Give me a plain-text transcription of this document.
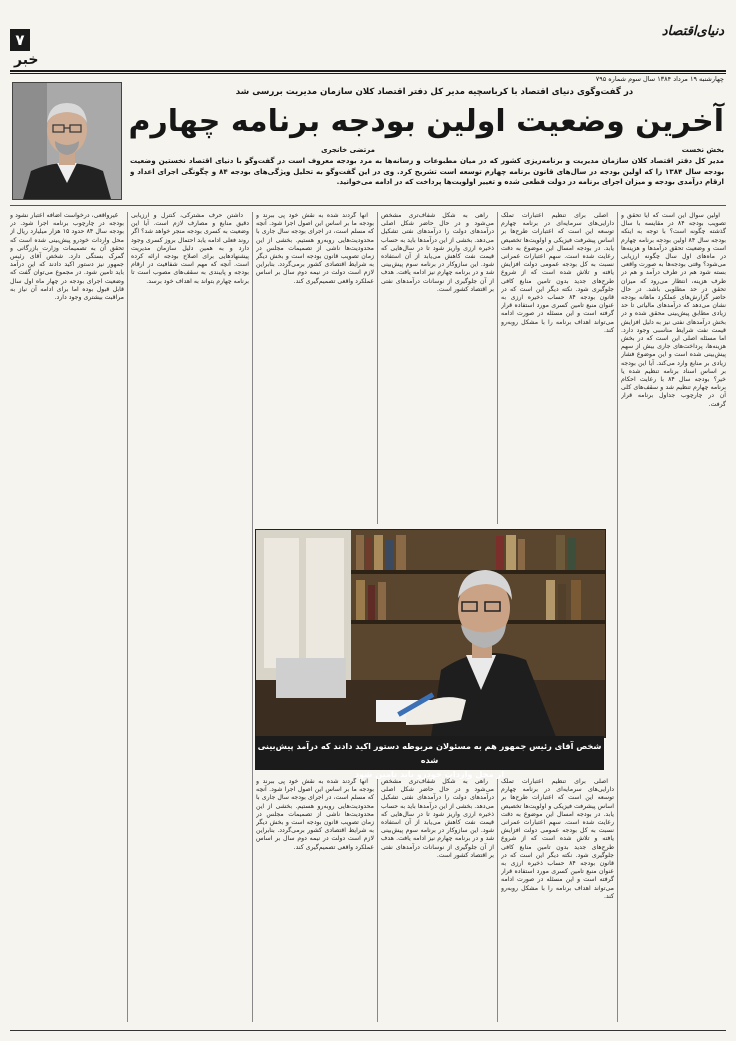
۷	دنیای‌اقتصاد
خبر
چهارشنبه ۱۹ مرداد ۱۳۸۴ سال سوم شماره ۷۹۵
در گفت‌وگوی دنیای اقتصاد با کرباسچیه مدیر کل دفتر اقتصاد کلان سازمان مدیریت بررسی شد
آخرین وضعیت اولین بودجه برنامه چهارم
بخش نخست
مرتضی خانجری
مدیر کل دفتر اقتصاد کلان سازمان مدیریت و برنامه‌ریزی کشور که در میان مطبوعات و رسانه‌ها به مرد بودجه معروف است در گفت‌وگو با دنیای اقتصاد نخستین وضعیت بودجه سال ۱۳۸۴ را که اولین بودجه در سال‌های قانون برنامه چهارم توسعه است تشریح کرد. وی در این گفت‌وگو به تحلیل ویژگی‌های بودجه ۸۴ و چگونگی اجرای اعداد و ارقام درآمدی بودجه و میزان اجرای برنامه در دولت قطعی شده و تغییر اولویت‌ها پرداخت که در ادامه می‌خوانید.

اولین سوال این است که آیا تحقق و تصویب بودجه ۸۴ در مقایسه با سال گذشته چگونه است؟ با توجه به اینکه بودجه سال ۸۴ اولین بودجه برنامه چهارم است و وضعیت تحقق درآمدها و هزینه‌ها در ماه‌های اول سال چگونه ارزیابی می‌شود؟ وقتی بودجه‌ها به صورت واقعی بسته شود هم در طرف درآمد و هم در طرف هزینه، انتظار می‌رود که میزان تحقق در حد مطلوبی باشد. در حال حاضر گزارش‌های عملکرد ماهانه بودجه نشان می‌دهد که درآمدهای مالیاتی تا حد زیادی مطابق پیش‌بینی محقق شده و در بخش درآمدهای نفتی نیز به دلیل افزایش قیمت نفت شرایط مناسبی وجود دارد. اما مسئله اصلی این است که در بخش هزینه‌ها، پرداخت‌های جاری بیش از سهم پیش‌بینی شده است و این موضوع فشار زیادی بر منابع وارد می‌کند. آیا این بودجه بر اساس اسناد برنامه تنظیم شده یا خیر؟ بودجه سال ۸۴ با رعایت احکام برنامه چهارم تنظیم شد و سقف‌های کلی آن در چارچوب جداول برنامه قرار گرفت.

اصلی برای تنظیم اعتبارات تملک دارایی‌های سرمایه‌ای در برنامه چهارم توسعه این است که اعتبارات طرح‌ها بر اساس پیشرفت فیزیکی و اولویت‌ها تخصیص یابد. در بودجه امسال این موضوع به دقت رعایت شده است. سهم اعتبارات عمرانی نسبت به کل بودجه عمومی دولت افزایش یافته و تلاش شده است که از شروع طرح‌های جدید بدون تامین منابع کافی جلوگیری شود. نکته دیگر این است که در قانون بودجه ۸۴ حساب ذخیره ارزی به عنوان منبع تامین کسری مورد استفاده قرار گرفته است و این مسئله در صورت ادامه می‌تواند اهداف برنامه را با مشکل روبه‌رو کند.

راهی به شکل شفاف‌تری مشخص می‌شود و در حال حاضر شکل اصلی درآمدهای دولت را درآمدهای نفتی تشکیل می‌دهد. بخشی از این درآمدها باید به حساب ذخیره ارزی واریز شود تا در سال‌هایی که قیمت نفت کاهش می‌یابد از آن استفاده شود. این سازوکار در برنامه سوم پیش‌بینی شد و در برنامه چهارم نیز ادامه یافت. هدف از آن جلوگیری از نوسانات درآمدهای نفتی بر اقتصاد کشور است.

آنها گردند شده به نقش خود پی ببرند و بودجه ما بر اساس این اصول اجرا شود. آنچه که مسلم است، در اجرای بودجه سال جاری با محدودیت‌هایی روبه‌رو هستیم. بخشی از این محدودیت‌ها ناشی از تصمیمات مجلس در زمان تصویب قانون بودجه است و بخش دیگر به شرایط اقتصادی کشور برمی‌گردد. بنابراین لازم است دولت در نیمه دوم سال بر اساس عملکرد واقعی تصمیم‌گیری کند.

داشتن حرف مشترکی، کنترل و ارزیابی دقیق منابع و مصارف لازم است. آیا این وضعیت به کسری بودجه منجر خواهد شد؟ اگر روند فعلی ادامه یابد احتمال بروز کسری وجود دارد و به همین دلیل سازمان مدیریت پیشنهادهایی برای اصلاح بودجه ارائه کرده است. آنچه که مهم است شفافیت در ارقام بودجه و پایبندی به سقف‌های مصوب است تا برنامه چهارم بتواند به اهداف خود برسد.

غیرواقعی، درخواست اضافه اعتبار نشود و بودجه در چارچوب برنامه اجرا شود. در بودجه سال ۸۴ حدود ۱۵ هزار میلیارد ریال از محل واردات خودرو پیش‌بینی شده است که تحقق آن به تصمیمات وزارت بازرگانی و گمرک بستگی دارد. شخص آقای رئیس جمهور نیز دستور اکید دادند که این درآمد باید تامین شود. در مجموع می‌توان گفت که وضعیت اجرای بودجه در چهار ماه اول سال قابل قبول بوده اما برای ادامه آن نیاز به مراقبت بیشتری وجود دارد.

اصلی برای تنظیم اعتبارات تملک دارایی‌های سرمایه‌ای در برنامه چهارم توسعه این است که اعتبارات طرح‌ها بر اساس پیشرفت فیزیکی و اولویت‌ها تخصیص یابد. در بودجه امسال این موضوع به دقت رعایت شده است. سهم اعتبارات عمرانی نسبت به کل بودجه عمومی دولت افزایش یافته و تلاش شده است که از شروع طرح‌های جدید بدون تامین منابع کافی جلوگیری شود. نکته دیگر این است که در قانون بودجه ۸۴ حساب ذخیره ارزی به عنوان منبع تامین کسری مورد استفاده قرار گرفته است و این مسئله در صورت ادامه می‌تواند اهداف برنامه را با مشکل روبه‌رو کند.

راهی به شکل شفاف‌تری مشخص می‌شود و در حال حاضر شکل اصلی درآمدهای دولت را درآمدهای نفتی تشکیل می‌دهد. بخشی از این درآمدها باید به حساب ذخیره ارزی واریز شود تا در سال‌هایی که قیمت نفت کاهش می‌یابد از آن استفاده شود. این سازوکار در برنامه سوم پیش‌بینی شد و در برنامه چهارم نیز ادامه یافت. هدف از آن جلوگیری از نوسانات درآمدهای نفتی بر اقتصاد کشور است.

آنها گردند شده به نقش خود پی ببرند و بودجه ما بر اساس این اصول اجرا شود. آنچه که مسلم است، در اجرای بودجه سال جاری با محدودیت‌هایی روبه‌رو هستیم. بخشی از این محدودیت‌ها ناشی از تصمیمات مجلس در زمان تصویب قانون بودجه است و بخش دیگر به شرایط اقتصادی کشور برمی‌گردد. بنابراین لازم است دولت در نیمه دوم سال بر اساس عملکرد واقعی تصمیم‌گیری کند.

شخص آقای رئیس جمهور هم به مسئولان مربوطه دستور اکید دادند که درآمد پیش‌بینی شده
از محل واردات خودرو باید تامین شود
